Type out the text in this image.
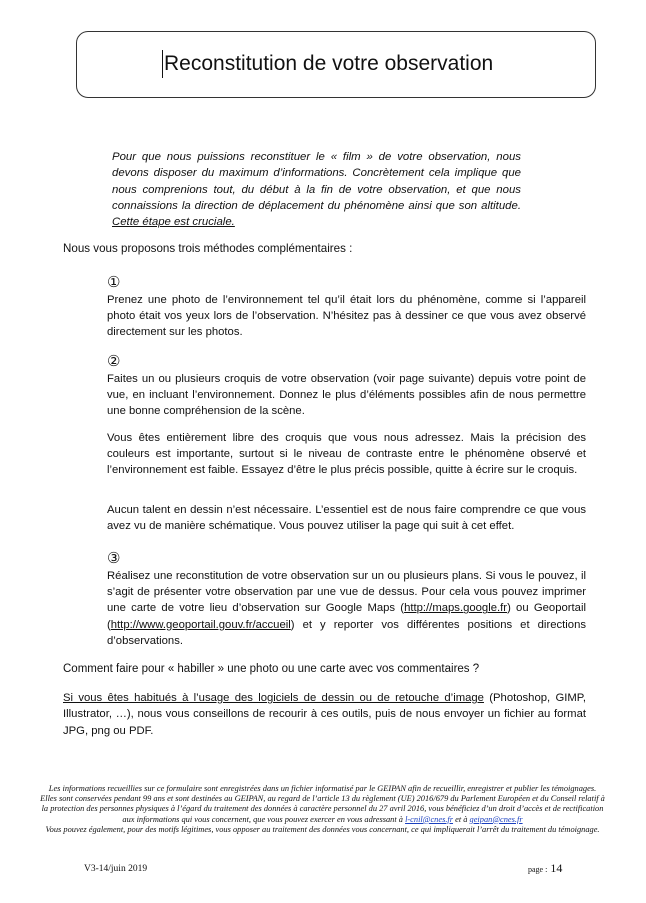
Reconstitution de votre observation
Pour que nous puissions reconstituer le « film » de votre observation, nous devons disposer du maximum d’informations. Concrètement cela implique que nous comprenions tout, du début à la fin de votre observation, et que nous connaissions la direction de déplacement du phénomène ainsi que son altitude. Cette étape est cruciale.
Nous vous proposons trois méthodes complémentaires :
①

Prenez une photo de l’environnement tel qu’il était lors du phénomène, comme si l’appareil photo était vos yeux lors de l’observation. N’hésitez pas à dessiner ce que vous avez observé directement sur les photos.

②

Faites un ou plusieurs croquis de votre observation (voir page suivante) depuis votre point de vue, en incluant l’environnement. Donnez le plus d’éléments possibles afin de nous permettre une bonne compréhension de la scène.

Vous êtes entièrement libre des croquis que vous nous adressez. Mais la précision des couleurs est importante, surtout si le niveau de contraste entre le phénomène observé et l’environnement est faible. Essayez d’être le plus précis possible, quitte à écrire sur le croquis.

Aucun talent en dessin n’est nécessaire. L’essentiel est de nous faire comprendre ce que vous avez vu de manière schématique. Vous pouvez utiliser la page qui suit à cet effet.

③

Réalisez une reconstitution de votre observation sur un ou plusieurs plans. Si vous le pouvez, il s’agit de présenter votre observation par une vue de dessus. Pour cela vous pouvez imprimer une carte de votre lieu d’observation sur Google Maps (http://maps.google.fr) ou Geoportail (http://www.geoportail.gouv.fr/accueil) et y reporter vos différentes positions et directions d’observations.

Comment faire pour « habiller » une photo ou une carte avec vos commentaires ?
Si vous êtes habitués à l’usage des logiciels de dessin ou de retouche d’image (Photoshop, GIMP, Illustrator, …), nous vous conseillons de recourir à ces outils, puis de nous envoyer un fichier au format JPG, png ou PDF.
Les informations recueillies sur ce formulaire sont enregistrées dans un fichier informatisé par le GEIPAN afin de recueillir, enregistrer et publier les témoignages. Elles sont conservées pendant 99 ans et sont destinées au GEIPAN, au regard de l’article 13 du règlement (UE) 2016/679 du Parlement Européen et du Conseil relatif à la protection des personnes physiques à l’égard du traitement des données à caractère personnel du 27 avril 2016, vous bénéficiez d’un droit d’accès et de rectification aux informations qui vous concernent, que vous pouvez exercer en vous adressant à l-cnil@cnes.fr et à geipan@cnes.fr
Vous pouvez également, pour des motifs légitimes, vous opposer au traitement des données vous concernant, ce qui impliquerait l’arrêt du traitement du témoignage.
V3-14/juin 2019	page : 14
